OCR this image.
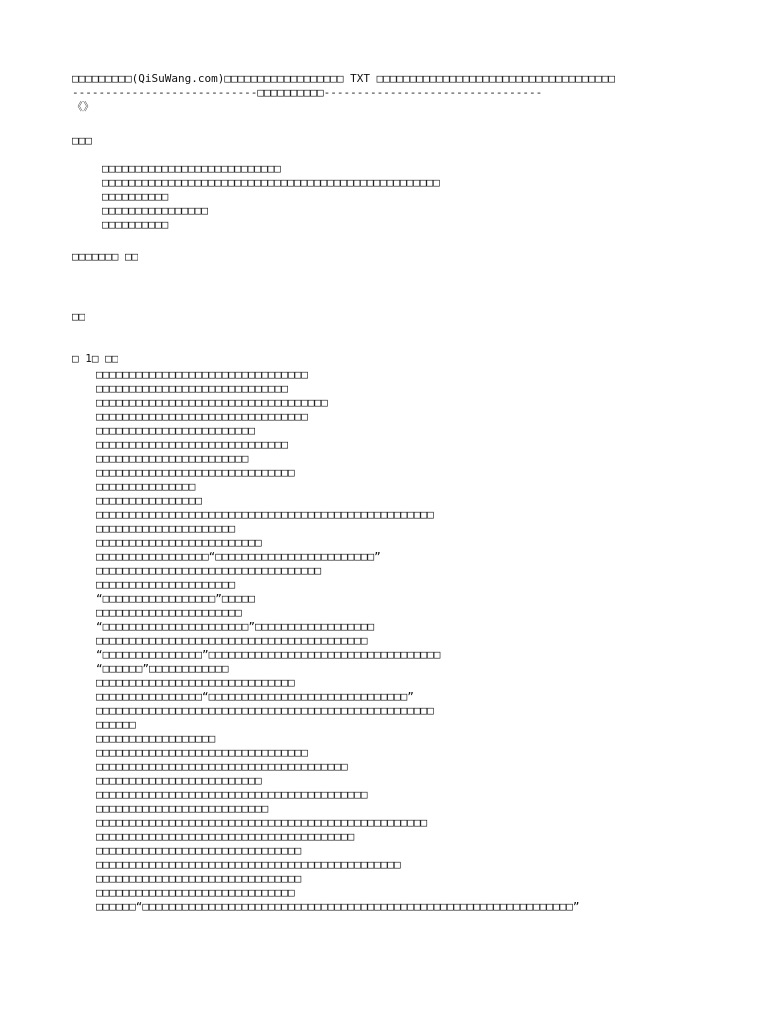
□□□□□□□□□(QiSuWang.com)□□□□□□□□□□□□□□□□□□ TXT □□□□□□□□□□□□□□□□□□□□□□□□□□□□□□□□□□□□
----------------------------□□□□□□□□□□---------------------------------
《》
□□□
□□□□□□□□□□□□□□□□□□□□□□□□□□□
□□□□□□□□□□□□□□□□□□□□□□□□□□□□□□□□□□□□□□□□□□□□□□□□□□□
□□□□□□□□□□
□□□□□□□□□□□□□□□□
□□□□□□□□□□
□□□□□□□ □□
□□
□ 1□ □□
□□□□□□□□□□□□□□□□□□□□□□□□□□□□□□□□
□□□□□□□□□□□□□□□□□□□□□□□□□□□□□
□□□□□□□□□□□□□□□□□□□□□□□□□□□□□□□□□□□
□□□□□□□□□□□□□□□□□□□□□□□□□□□□□□□□
□□□□□□□□□□□□□□□□□□□□□□□□
□□□□□□□□□□□□□□□□□□□□□□□□□□□□□
□□□□□□□□□□□□□□□□□□□□□□□
□□□□□□□□□□□□□□□□□□□□□□□□□□□□□□
□□□□□□□□□□□□□□□
□□□□□□□□□□□□□□□□
□□□□□□□□□□□□□□□□□□□□□□□□□□□□□□□□□□□□□□□□□□□□□□□□□□□
□□□□□□□□□□□□□□□□□□□□□
□□□□□□□□□□□□□□□□□□□□□□□□□
□□□□□□□□□□□□□□□□□“□□□□□□□□□□□□□□□□□□□□□□□□”
□□□□□□□□□□□□□□□□□□□□□□□□□□□□□□□□□□
□□□□□□□□□□□□□□□□□□□□□
“□□□□□□□□□□□□□□□□□”□□□□□
□□□□□□□□□□□□□□□□□□□□□□
“□□□□□□□□□□□□□□□□□□□□□□”□□□□□□□□□□□□□□□□□□
□□□□□□□□□□□□□□□□□□□□□□□□□□□□□□□□□□□□□□□□□
“□□□□□□□□□□□□□□□”□□□□□□□□□□□□□□□□□□□□□□□□□□□□□□□□□□□
“□□□□□□”□□□□□□□□□□□□
□□□□□□□□□□□□□□□□□□□□□□□□□□□□□□
□□□□□□□□□□□□□□□□“□□□□□□□□□□□□□□□□□□□□□□□□□□□□□□”
□□□□□□□□□□□□□□□□□□□□□□□□□□□□□□□□□□□□□□□□□□□□□□□□□□□
□□□□□□
□□□□□□□□□□□□□□□□□□
□□□□□□□□□□□□□□□□□□□□□□□□□□□□□□□□
□□□□□□□□□□□□□□□□□□□□□□□□□□□□□□□□□□□□□□
□□□□□□□□□□□□□□□□□□□□□□□□□
□□□□□□□□□□□□□□□□□□□□□□□□□□□□□□□□□□□□□□□□□
□□□□□□□□□□□□□□□□□□□□□□□□□□
□□□□□□□□□□□□□□□□□□□□□□□□□□□□□□□□□□□□□□□□□□□□□□□□□□
□□□□□□□□□□□□□□□□□□□□□□□□□□□□□□□□□□□□□□□
□□□□□□□□□□□□□□□□□□□□□□□□□□□□□□□
□□□□□□□□□□□□□□□□□□□□□□□□□□□□□□□□□□□□□□□□□□□□□□
□□□□□□□□□□□□□□□□□□□□□□□□□□□□□□□
□□□□□□□□□□□□□□□□□□□□□□□□□□□□□□
□□□□□□“□□□□□□□□□□□□□□□□□□□□□□□□□□□□□□□□□□□□□□□□□□□□□□□□□□□□□□□□□□□□□□□□□”
